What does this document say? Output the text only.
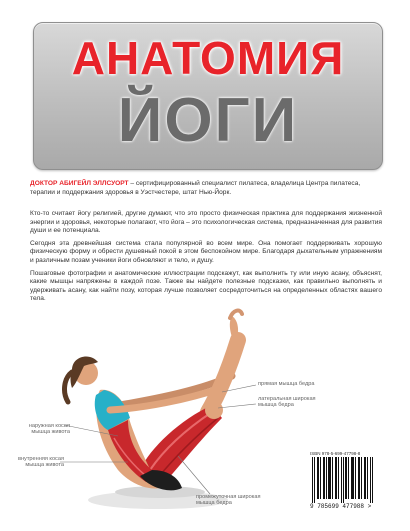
АНАТОМИЯ
ЙОГИ
ДОКТОР АБИГЕЙЛ ЭЛЛСУОРТ – сертифицированный специалист пилатеса, владелица Центра пилатеса, терапии и поддержания здоровья в Уэстчестере, штат Нью-Йорк.

Кто-то считает йогу религией, другие думают, что это просто физическая практика для поддержания жизненной энергии и здоровья, некоторые полагают, что йога – это психологическая система, предназначенная для развития души и ее потенциала.

Сегодня эта древнейшая система стала популярной во всем мире. Она помогает поддерживать хорошую физическую форму и обрести душевный покой в этом беспокойном мире. Благодаря дыхательным упражнениям и различным позам ученики йоги обновляют и тело, и душу.

Пошаговые фотографии и анатомические иллюстрации подскажут, как выполнить ту или иную асану, объяснят, какие мышцы напряжены в каждой позе. Также вы найдете полезные подсказки, как правильно выполнять и удерживать асану, как найти позу, которая лучше позволяет сосредоточиться на определенных областях вашего тела.

прямая мышца бедра
латеральная широкая мышца бедра
наружная косая мышца живота
внутренняя косая мышца живота
промежуточная широкая мышца бедра
ISBN 978-5-699-47798-8
9 785699 477988 >
